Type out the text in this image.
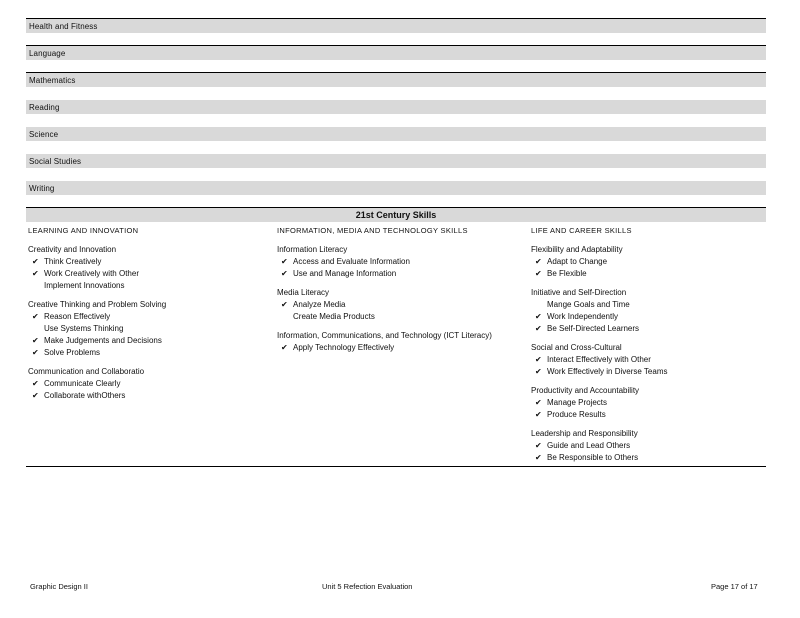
Health and Fitness
Language
Mathematics
Reading
Science
Social Studies
Writing
21st Century Skills
LEARNING AND INNOVATION
Creativity and Innovation
✔ Think Creatively
✔ Work Creatively with Other
Implement Innovations
Creative Thinking and Problem Solving
✔ Reason Effectively
Use Systems Thinking
✔ Make Judgements and Decisions
✔ Solve Problems
Communication and Collaboratio
✔ Communicate Clearly
✔ Collaborate withOthers
INFORMATION, MEDIA AND TECHNOLOGY SKILLS
Information Literacy
✔ Access and Evaluate Information
✔ Use and Manage Information
Media Literacy
✔ Analyze Media
Create Media Products
Information, Communications, and Technology (ICT Literacy)
✔ Apply Technology Effectively
LIFE AND CAREER SKILLS
Flexibility and Adaptability
✔ Adapt to Change
✔ Be Flexible
Initiative and Self-Direction
Mange Goals and Time
✔ Work Independently
✔ Be Self-Directed Learners
Social and Cross-Cultural
✔ Interact Effectively with Other
✔ Work Effectively in Diverse Teams
Productivity and Accountability
✔ Manage Projects
✔ Produce Results
Leadership and Responsibility
✔ Guide and Lead Others
✔ Be Responsible to Others
Graphic Design II	Unit 5 Refection Evaluation	Page 17 of 17
